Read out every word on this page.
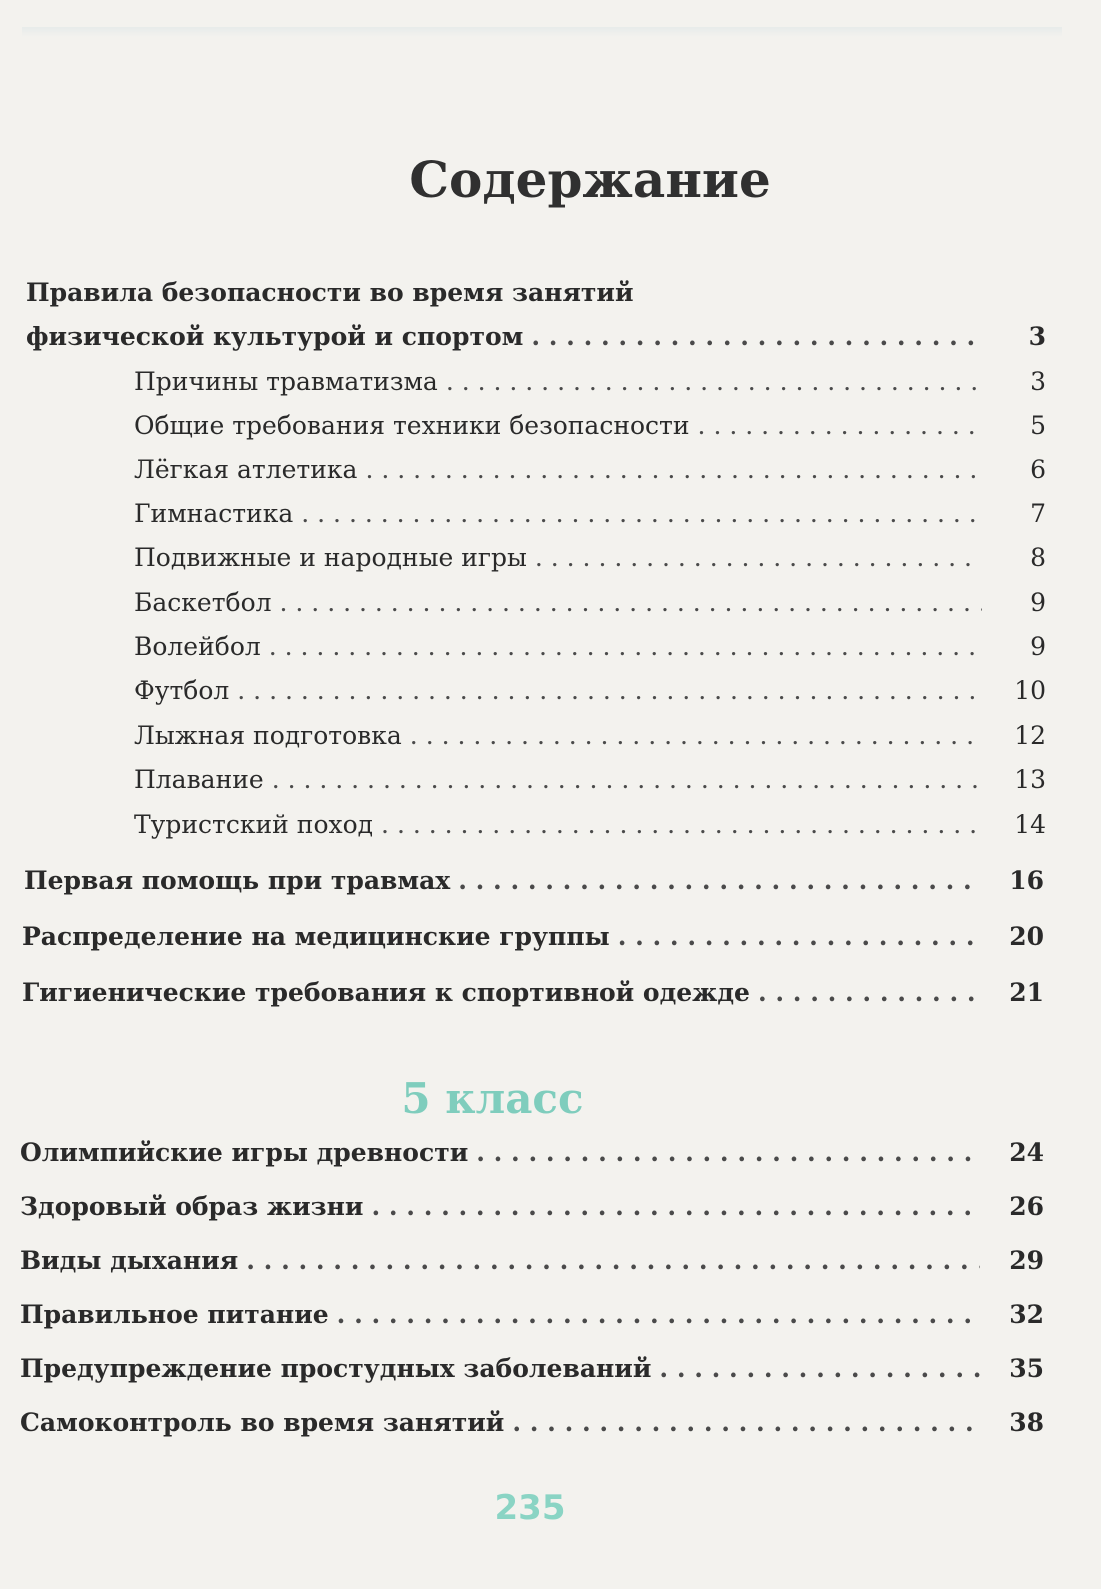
Содержание
Правила безопасности во время занятий
физической культурой и спортом . . .	3
Причины травматизма . . .	3
Общие требования техники безопасности . . .	5
Лёгкая атлетика . . .	6
Гимнастика . . .	7
Подвижные и народные игры . . .	8
Баскетбол . . .	9
Волейбол . . .	9
Футбол . . .	10
Лыжная подготовка . . .	12
Плавание . . .	13
Туристский поход . . .	14
Первая помощь при травмах . . .	16
Распределение на медицинские группы . . .	20
Гигиенические требования к спортивной одежде . . .	21
5 класс
Олимпийские игры древности . . .	24
Здоровый образ жизни . . .	26
Виды дыхания . . .	29
Правильное питание . . .	32
Предупреждение простудных заболеваний . . .	35
Самоконтроль во время занятий . . .	38
235
